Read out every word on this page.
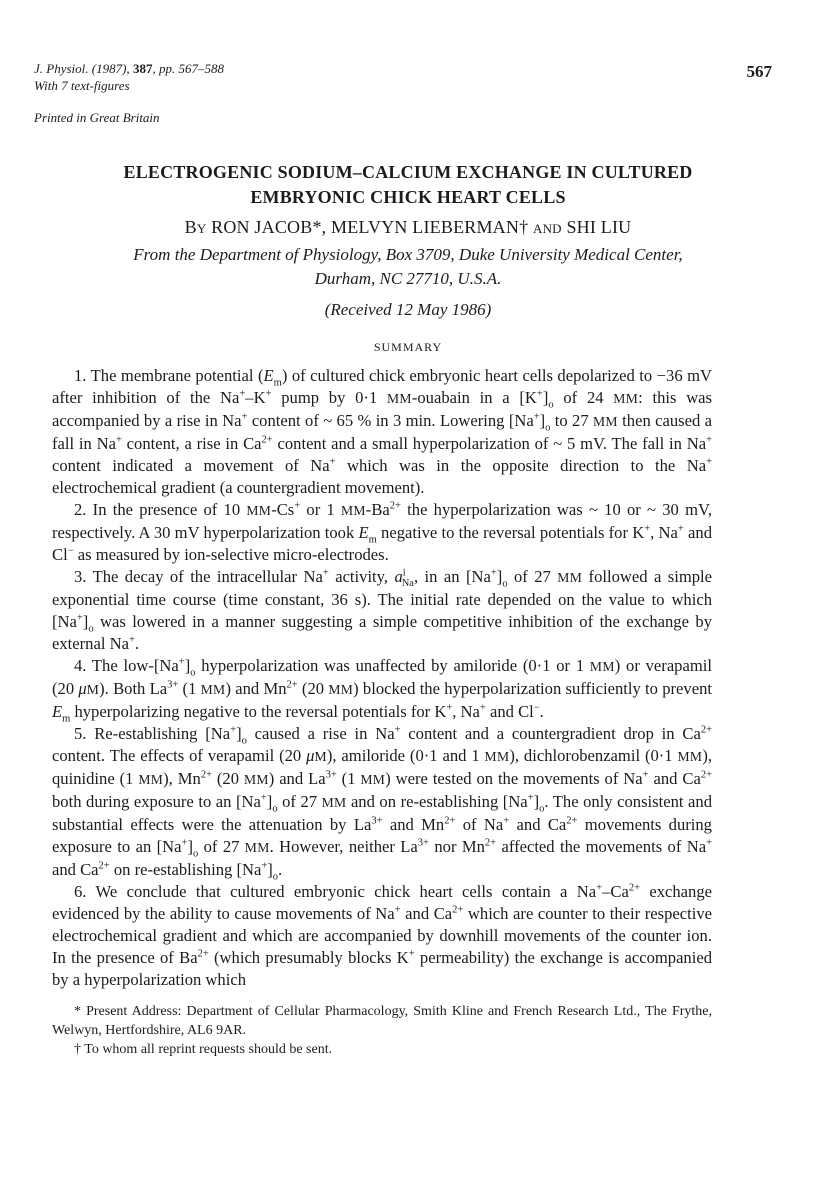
J. Physiol. (1987), 387, pp. 567–588
With 7 text-figures
567
Printed in Great Britain
ELECTROGENIC SODIUM–CALCIUM EXCHANGE IN CULTURED
EMBRYONIC CHICK HEART CELLS
By RON JACOB*, MELVYN LIEBERMAN† and SHI LIU
From the Department of Physiology, Box 3709, Duke University Medical Center,
Durham, NC 27710, U.S.A.
(Received 12 May 1986)
SUMMARY

1. The membrane potential $(E_m)$ of cultured chick embryonic heart cells depolarized to −36 mV after inhibition of the Na+–K+ pump by 0·1 MM-ouabain in a $[K^+]_o$ of 24 MM: this was accompanied by a rise in Na+ content of ~ 65 % in 3 min. Lowering $[Na^+]_o$ to 27 MM then caused a fall in Na+ content, a rise in $Ca^{2+}$ content and a small hyperpolarization of ~ 5 mV. The fall in Na+ content indicated a movement of Na+ which was in the opposite direction to the Na+ electrochemical gradient (a countergradient movement).

2. In the presence of 10 MM-Cs+ or 1 $MM-Ba^{2+}$ the hyperpolarization was ~ 10 or ~ 30 mV, respectively. A 30 mV hyperpolarization took $E_m$ negative to the reversal potentials for K+, Na+ and Cl− as measured by ion-selective micro-electrodes.

3. The decay of the intracellular Na+ activity, $a^i_{Na}$, in an $[Na^+]_o$ of 27 MM followed a simple exponential time course (time constant, 36 s). The initial rate depended on the value to which $[Na^+]_o$ was lowered in a manner suggesting a simple competitive inhibition of the exchange by external Na+.

4. The low-$[Na^+]_o$ hyperpolarization was unaffected by amiloride (0·1 or 1 MM) or verapamil (20 μM). Both $La^{3+}$ (1 MM) and $Mn^{2+}$ (20 MM) blocked the hyperpolarization sufficiently to prevent $E_m$ hyperpolarizing negative to the reversal potentials for K+, Na+ and Cl−.

5. Re-establishing $[Na^+]_o$ caused a rise in Na+ content and a countergradient drop in $Ca^{2+}$ content. The effects of verapamil (20 μM), amiloride (0·1 and 1 MM), dichlorobenzamil (0·1 MM), quinidine (1 MM), $Mn^{2+}$ (20 MM) and $La^{3+}$ (1 MM) were tested on the movements of Na+ and $Ca^{2+}$ both during exposure to an $[Na^+]_o$ of 27 MM and on re-establishing $[Na^+]_o$. The only consistent and substantial effects were the attenuation by $La^{3+}$ and $Mn^{2+}$ of Na+ and $Ca^{2+}$ movements during exposure to an $[Na^+]_o$ of 27 MM. However, neither $La^{3+}$ nor $Mn^{2+}$ affected the movements of Na+ and $Ca^{2+}$ on re-establishing $[Na^+]_o$.

6. We conclude that cultured embryonic chick heart cells contain a $Na^+-Ca^{2+}$ exchange evidenced by the ability to cause movements of Na+ and $Ca^{2+}$ which are counter to their respective electrochemical gradient and which are accompanied by downhill movements of the counter ion. In the presence of $Ba^{2+}$ (which presumably blocks K+ permeability) the exchange is accompanied by a hyperpolarization which

* Present Address: Department of Cellular Pharmacology, Smith Kline and French Research Ltd., The Frythe, Welwyn, Hertfordshire, AL6 9AR.

† To whom all reprint requests should be sent.
